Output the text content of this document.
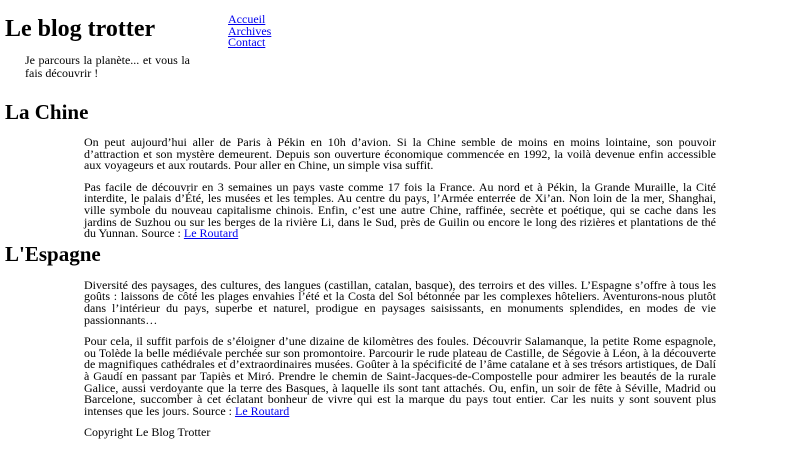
Le blog trotter

Je parcours la planète... et vous la fais découvrir !

Accueil
Archives
Contact
La Chine

On peut aujourd’hui aller de Paris à Pékin en 10h d’avion. Si la Chine semble de moins en moins lointaine, son pouvoir d’attraction et son mystère demeurent. Depuis son ouverture économique commencée en 1992, la voilà devenue enfin accessible aux voyageurs et aux routards. Pour aller en Chine, un simple visa suffit.

Pas facile de découvrir en 3 semaines un pays vaste comme 17 fois la France. Au nord et à Pékin, la Grande Muraille, la Cité interdite, le palais d’Été, les musées et les temples. Au centre du pays, l’Armée enterrée de Xi’an. Non loin de la mer, Shanghai, ville symbole du nouveau capitalisme chinois. Enfin, c’est une autre Chine, raffinée, secrète et poétique, qui se cache dans les jardins de Suzhou ou sur les berges de la rivière Li, dans le Sud, près de Guilin ou encore le long des rizières et plantations de thé du Yunnan. Source : Le Routard

L'Espagne

Diversité des paysages, des cultures, des langues (castillan, catalan, basque), des terroirs et des villes. L’Espagne s’offre à tous les goûts : laissons de côté les plages envahies l’été et la Costa del Sol bétonnée par les complexes hôteliers. Aventurons-nous plutôt dans l’intérieur du pays, superbe et naturel, prodigue en paysages saisissants, en monuments splendides, en modes de vie passionnants…

Pour cela, il suffit parfois de s’éloigner d’une dizaine de kilomètres des foules. Découvrir Salamanque, la petite Rome espagnole, ou Tolède la belle médiévale perchée sur son promontoire. Parcourir le rude plateau de Castille, de Ségovie à Léon, à la découverte de magnifiques cathédrales et d’extraordinaires musées. Goûter à la spécificité de l’âme catalane et à ses trésors artistiques, de Dalí à Gaudí en passant par Tapiès et Miró. Prendre le chemin de Saint-Jacques-de-Compostelle pour admirer les beautés de la rurale Galice, aussi verdoyante que la terre des Basques, à laquelle ils sont tant attachés. Ou, enfin, un soir de fête à Séville, Madrid ou Barcelone, succomber à cet éclatant bonheur de vivre qui est la marque du pays tout entier. Car les nuits y sont souvent plus intenses que les jours. Source : Le Routard

Copyright Le Blog Trotter
